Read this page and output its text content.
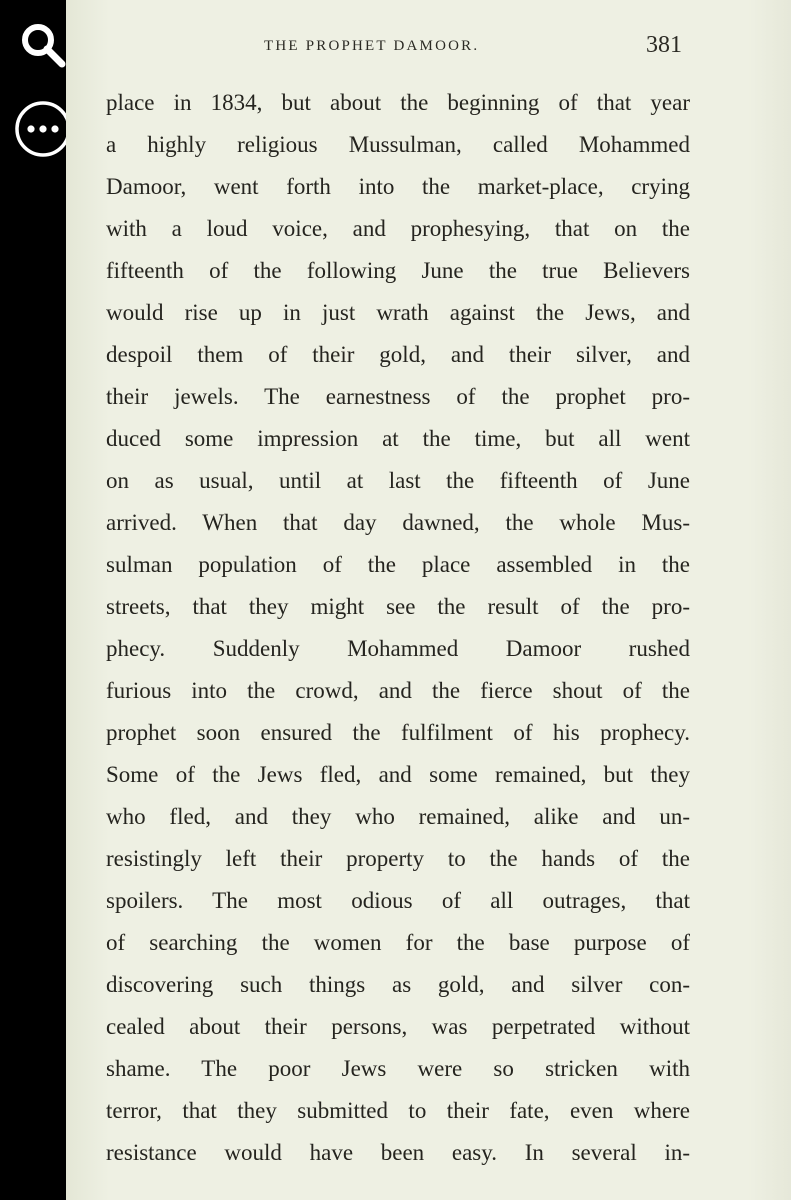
THE PROPHET DAMOOR.	381
place in 1834, but about the beginning of that year
a highly religious Mussulman, called Mohammed
Damoor, went forth into the market-place, crying
with a loud voice, and prophesying, that on the
fifteenth of the following June the true Believers
would rise up in just wrath against the Jews, and
despoil them of their gold, and their silver, and
their jewels. The earnestness of the prophet pro-
duced some impression at the time, but all went
on as usual, until at last the fifteenth of June
arrived. When that day dawned, the whole Mus-
sulman population of the place assembled in the
streets, that they might see the result of the pro-
phecy. Suddenly Mohammed Damoor rushed
furious into the crowd, and the fierce shout of the
prophet soon ensured the fulfilment of his prophecy.
Some of the Jews fled, and some remained, but they
who fled, and they who remained, alike and un-
resistingly left their property to the hands of the
spoilers. The most odious of all outrages, that
of searching the women for the base purpose of
discovering such things as gold, and silver con-
cealed about their persons, was perpetrated without
shame. The poor Jews were so stricken with
terror, that they submitted to their fate, even where
resistance would have been easy. In several in-
